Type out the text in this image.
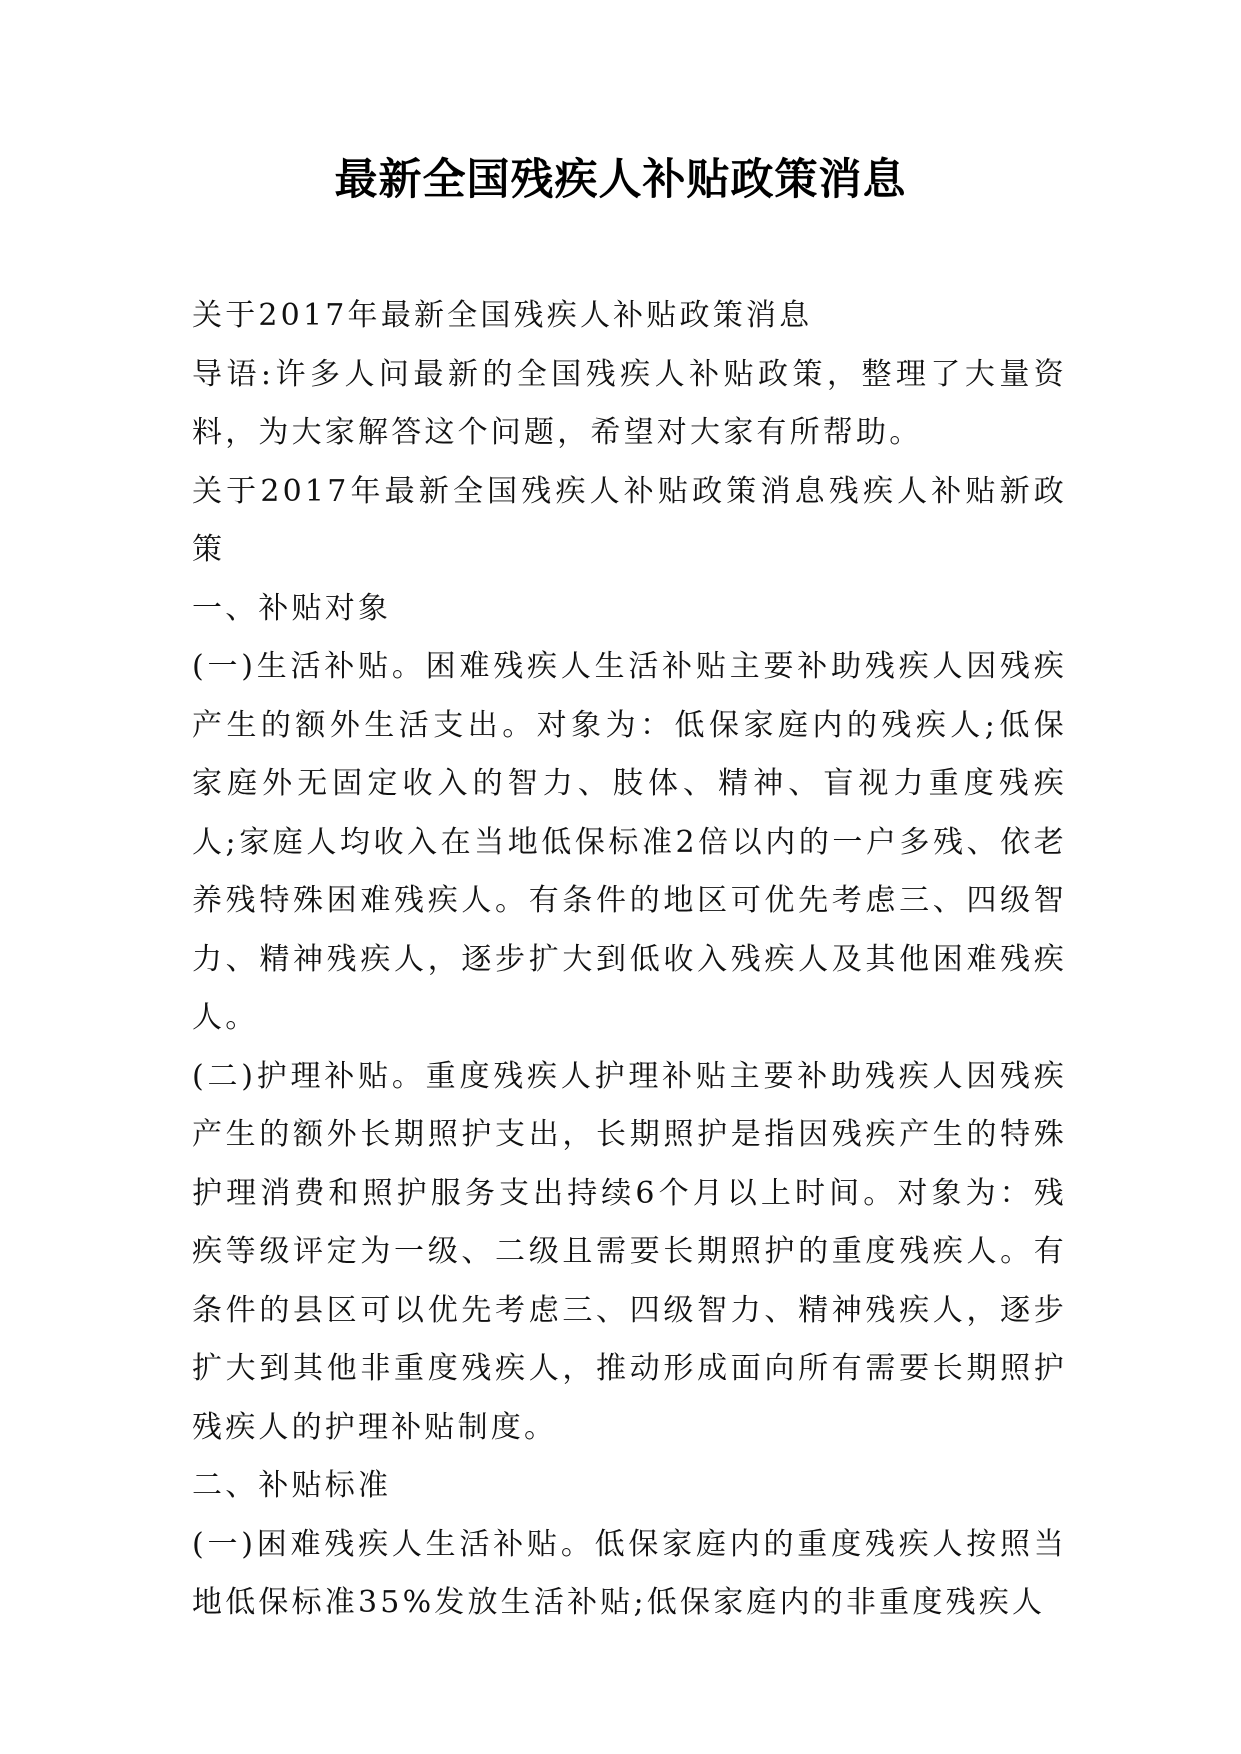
最新全国残疾人补贴政策消息

关于2017年最新全国残疾人补贴政策消息

导语:许多人问最新的全国残疾人补贴政策，整理了大量资料，为大家解答这个问题，希望对大家有所帮助。

关于2017年最新全国残疾人补贴政策消息残疾人补贴新政策

一、补贴对象

(一)生活补贴。困难残疾人生活补贴主要补助残疾人因残疾产生的额外生活支出。对象为：低保家庭内的残疾人;低保家庭外无固定收入的智力、肢体、精神、盲视力重度残疾人;家庭人均收入在当地低保标准2倍以内的一户多残、依老养残特殊困难残疾人。有条件的地区可优先考虑三、四级智力、精神残疾人，逐步扩大到低收入残疾人及其他困难残疾人。

(二)护理补贴。重度残疾人护理补贴主要补助残疾人因残疾产生的额外长期照护支出，长期照护是指因残疾产生的特殊护理消费和照护服务支出持续6个月以上时间。对象为：残疾等级评定为一级、二级且需要长期照护的重度残疾人。有条件的县区可以优先考虑三、四级智力、精神残疾人，逐步扩大到其他非重度残疾人，推动形成面向所有需要长期照护残疾人的护理补贴制度。

二、补贴标准

(一)困难残疾人生活补贴。低保家庭内的重度残疾人按照当地低保标准35%发放生活补贴;低保家庭内的非重度残疾人
